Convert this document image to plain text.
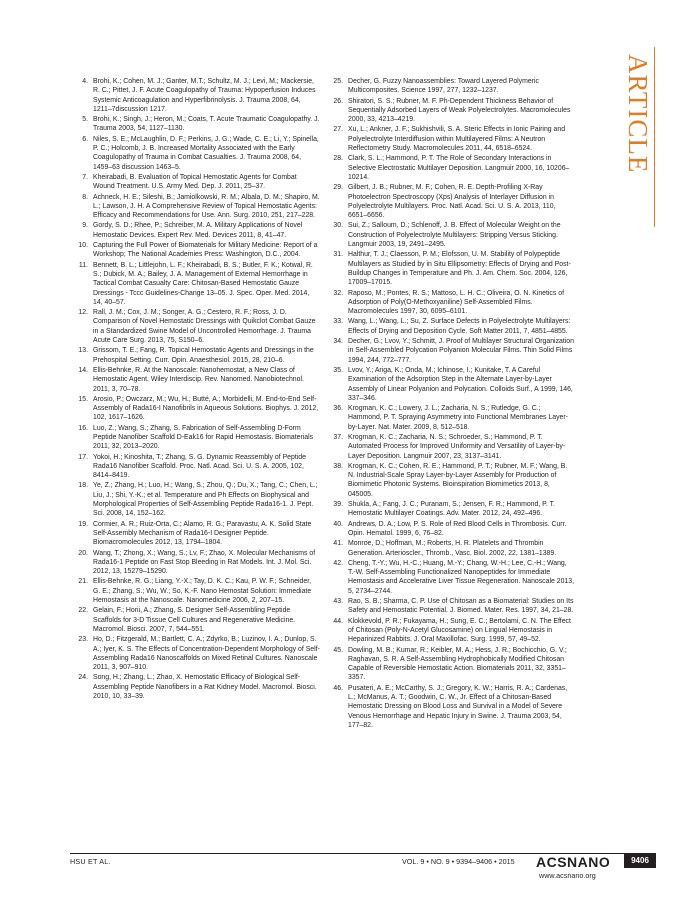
ARTICLE
4. Brohi, K.; Cohen, M. J.; Ganter, M.T.; Schultz, M. J.; Levi, M.; Mackersie, R. C.; Pittet, J. F. Acute Coagulopathy of Trauma: Hypoperfusion Induces Systemic Anticoagulation and Hyperfibrinolysis. J. Trauma 2008, 64, 1211–7discussion 1217.
5. Brohi, K.; Singh, J.; Heron, M.; Coats, T. Acute Traumatic Coagulopathy. J. Trauma 2003, 54, 1127–1130.
6. Niles, S. E.; McLaughlin, D. F.; Perkins, J. G.; Wade, C. E.; Li, Y.; Spinella, P. C.; Holcomb, J. B. Increased Mortality Associated with the Early Coagulopathy of Trauma in Combat Casualties. J. Trauma 2008, 64, 1459–63 discussion 1463–5.
7. Kheirabadi, B. Evaluation of Topical Hemostatic Agents for Combat Wound Treatment. U.S. Army Med. Dep. J. 2011, 25–37.
8. Achneck, H. E.; Sileshi, B.; Jamiolkowski, R. M.; Albala, D. M.; Shapiro, M. L.; Lawson, J. H. A Comprehensive Review of Topical Hemostatic Agents: Efficacy and Recommendations for Use. Ann. Surg. 2010, 251, 217–228.
9. Gordy, S. D.; Rhee, P.; Schreiber, M. A. Military Applications of Novel Hemostatic Devices. Expert Rev. Med. Devices 2011, 8, 41–47.
10. Capturing the Full Power of Biomaterials for Military Medicine: Report of a Workshop; The National Academies Press: Washington, D.C., 2004.
11. Bennett, B. L.; Littlejohn, L. F.; Kheirabadi, B. S.; Butler, F. K.; Kotwal, R. S.; Dubick, M. A.; Bailey, J. A. Management of External Hemorrhage in Tactical Combat Casualty Care: Chitosan-Based Hemostatic Gauze Dressings - Tccc Guidelines-Change 13–05. J. Spec. Oper. Med. 2014, 14, 40–57.
12. Rall, J. M.; Cox, J. M.; Songer, A. G.; Cestero, R. F.; Ross, J. D. Comparison of Novel Hemostatic Dressings with Quikclot Combat Gauze in a Standardized Swine Model of Uncontrolled Hemorrhage. J. Trauma Acute Care Surg. 2013, 75, S150–6.
13. Grissom, T. E.; Fang, R. Topical Hemostatic Agents and Dressings in the Prehospital Setting. Curr. Opin. Anaesthesiol. 2015, 28, 210–6.
14. Ellis-Behnke, R. At the Nanoscale: Nanohemostat, a New Class of Hemostatic Agent. Wiley Interdiscip. Rev. Nanomed. Nanobiotechnol. 2011, 3, 70–78.
15. Arosio, P.; Owczarz, M.; Wu, H.; Butté, A.; Morbidelli, M. End-to-End Self-Assembly of Rada16-I Nanofibrils in Aqueous Solutions. Biophys. J. 2012, 102, 1617–1626.
16. Luo, Z.; Wang, S.; Zhang, S. Fabrication of Self-Assembling D-Form Peptide Nanofiber Scaffold D-Eak16 for Rapid Hemostasis. Biomaterials 2011, 32, 2013–2020.
17. Yokoi, H.; Kinoshita, T.; Zhang, S. G. Dynamic Reassembly of Peptide Rada16 Nanofiber Scaffold. Proc. Natl. Acad. Sci. U. S. A. 2005, 102, 8414–8419.
18. Ye, Z.; Zhang, H.; Luo, H.; Wang, S.; Zhou, Q.; Du, X.; Tang, C.; Chen, L.; Liu, J.; Shi, Y.-K.; et al. Temperature and Ph Effects on Biophysical and Morphological Properties of Self-Assembling Peptide Rada16-1. J. Pept. Sci. 2008, 14, 152–162.
19. Cormier, A. R.; Ruiz-Orta, C.; Alamo, R. G.; Paravastu, A. K. Solid State Self-Assembly Mechanism of Rada16-I Designer Peptide. Biomacromolecules 2012, 13, 1794–1804.
20. Wang, T.; Zhong, X.; Wang, S.; Lv, F.; Zhao, X. Molecular Mechanisms of Rada16-1 Peptide on Fast Stop Bleeding in Rat Models. Int. J. Mol. Sci. 2012, 13, 15279–15290.
21. Ellis-Behnke, R. G.; Liang, Y.-X.; Tay, D. K. C.; Kau, P. W. F.; Schneider, G. E.; Zhang, S.; Wu, W.; So, K.-F. Nano Hemostat Solution: Immediate Hemostasis at the Nanoscale. Nanomedicine 2006, 2, 207–15.
22. Gelain, F.; Horii, A.; Zhang, S. Designer Self-Assembling Peptide Scaffolds for 3-D Tissue Cell Cultures and Regenerative Medicine. Macromol. Biosci. 2007, 7, 544–551.
23. Ho, D.; Fitzgerald, M.; Bartlett, C. A.; Zdyrko, B.; Luzinov, I. A.; Dunlop, S. A.; Iyer, K. S. The Effects of Concentration-Dependent Morphology of Self-Assembling Rada16 Nanoscaffolds on Mixed Retinal Cultures. Nanoscale 2011, 3, 907–910.
24. Song, H.; Zhang, L.; Zhao, X. Hemostatic Efficacy of Biological Self-Assembling Peptide Nanofibers in a Rat Kidney Model. Macromol. Biosci. 2010, 10, 33–39.
25. Decher, G. Fuzzy Nanoassemblies: Toward Layered Polymeric Multicomposites. Science 1997, 277, 1232–1237.
26. Shiratori, S. S.; Rubner, M. F. Ph-Dependent Thickness Behavior of Sequentially Adsorbed Layers of Weak Polyelectrolytes. Macromolecules 2000, 33, 4213–4219.
27. Xu, L.; Ankner, J. F.; Sukhishvili, S. A. Steric Effects in Ionic Pairing and Polyelectrolyte Interdiffusion within Multilayered Films: A Neutron Reflectometry Study. Macromolecules 2011, 44, 6518–6524.
28. Clark, S. L.; Hammond, P. T. The Role of Secondary Interactions in Selective Electrostatic Multilayer Deposition. Langmuir 2000, 16, 10206–10214.
29. Gilbert, J. B.; Rubner, M. F.; Cohen, R. E. Depth-Profiling X-Ray Photoelectron Spectroscopy (Xps) Analysis of Interlayer Diffusion in Polyelectrolyte Multilayers. Proc. Natl. Acad. Sci. U. S. A. 2013, 110, 6651–6656.
30. Sui, Z.; Salloum, D.; Schlenoff, J. B. Effect of Molecular Weight on the Construction of Polyelectrolyte Multilayers: Stripping Versus Sticking. Langmuir 2003, 19, 2491–2495.
31. Halthur, T. J.; Claesson, P. M.; Elofsson, U. M. Stability of Polypeptide Multilayers as Studied by in Situ Ellipsometry: Effects of Drying and Post-Buildup Changes in Temperature and Ph. J. Am. Chem. Soc. 2004, 126, 17009–17015.
32. Raposo, M.; Pontes, R. S.; Mattoso, L. H. C.; Oliveira, O. N. Kinetics of Adsorption of Poly(O-Methoxyaniline) Self-Assembled Films. Macromolecules 1997, 30, 6095–6101.
33. Wang, L.; Wang, L.; Su, Z. Surface Defects in Polyelectrolyte Multilayers: Effects of Drying and Deposition Cycle. Soft Matter 2011, 7, 4851–4855.
34. Decher, G.; Lvov, Y.; Schmitt, J. Proof of Multilayer Structural Organization in Self-Assembled Polycation Polyanion Molecular Films. Thin Solid Films 1994, 244, 772–777.
35. Lvov, Y.; Ariga, K.; Onda, M.; Ichinose, I.; Kunitake, T. A Careful Examination of the Adsorption Step in the Alternate Layer-by-Layer Assembly of Linear Polyanion and Polycation. Colloids Surf., A 1999, 146, 337–346.
36. Krogman, K. C.; Lowery, J. L.; Zacharia, N. S.; Rutledge, G. C.; Hammond, P. T. Spraying Asymmetry into Functional Membranes Layer-by-Layer. Nat. Mater. 2009, 8, 512–518.
37. Krogman, K. C.; Zacharia, N. S.; Schroeder, S.; Hammond, P. T. Automated Process for Improved Uniformity and Versatility of Layer-by-Layer Deposition. Langmuir 2007, 23, 3137–3141.
38. Krogman, K. C.; Cohen, R. E.; Hammond, P. T.; Rubner, M. F.; Wang, B. N. Industrial-Scale Spray Layer-by-Layer Assembly for Production of Biomimetic Photonic Systems. Bioinspiration Biomimetics 2013, 8, 045005.
39. Shukla, A.; Fang, J. C.; Puranam, S.; Jensen, F. R.; Hammond, P. T. Hemostatic Multilayer Coatings. Adv. Mater. 2012, 24, 492–496.
40. Andrews, D. A.; Low, P. S. Role of Red Blood Cells in Thrombosis. Curr. Opin. Hematol. 1999, 6, 76–82.
41. Monroe, D.; Hoffman, M.; Roberts, H. R. Platelets and Thrombin Generation. Arterioscler., Thromb., Vasc. Biol. 2002, 22, 1381–1389.
42. Cheng, T.-Y.; Wu, H.-C.; Huang, M.-Y.; Chang, W.-H.; Lee, C.-H.; Wang, T.-W. Self-Assembling Functionalized Nanopeptides for Immediate Hemostasis and Accelerative Liver Tissue Regeneration. Nanoscale 2013, 5, 2734–2744.
43. Rao, S. B.; Sharma, C. P. Use of Chitosan as a Biomaterial: Studies on Its Safety and Hemostatic Potential. J. Biomed. Mater. Res. 1997, 34, 21–28.
44. Klokkevold, P. R.; Fukayama, H.; Sung, E. C.; Bertolami, C. N. The Effect of Chitosan (Poly-N-Acetyl Glucosamine) on Lingual Hemostasis in Heparinized Rabbits. J. Oral Maxillofac. Surg. 1999, 57, 49–52.
45. Dowling, M. B.; Kumar, R.; Keibler, M. A.; Hess, J. R.; Bochicchio, G. V.; Raghavan, S. R. A Self-Assembling Hydrophobically Modified Chitosan Capable of Reversible Hemostatic Action. Biomaterials 2011, 32, 3351–3357.
46. Pusateri, A. E.; McCarthy, S. J.; Gregory, K. W.; Harris, R. A.; Cardenas, L.; McManus, A. T.; Goodwin, C. W., Jr. Effect of a Chitosan-Based Hemostatic Dressing on Blood Loss and Survival in a Model of Severe Venous Hemorrhage and Hepatic Injury in Swine. J. Trauma 2003, 54, 177–82.
HSU ET AL.	VOL. 9 • NO. 9 • 9394–9406 • 2015 ACSNANO
www.acsnano.org
9406
